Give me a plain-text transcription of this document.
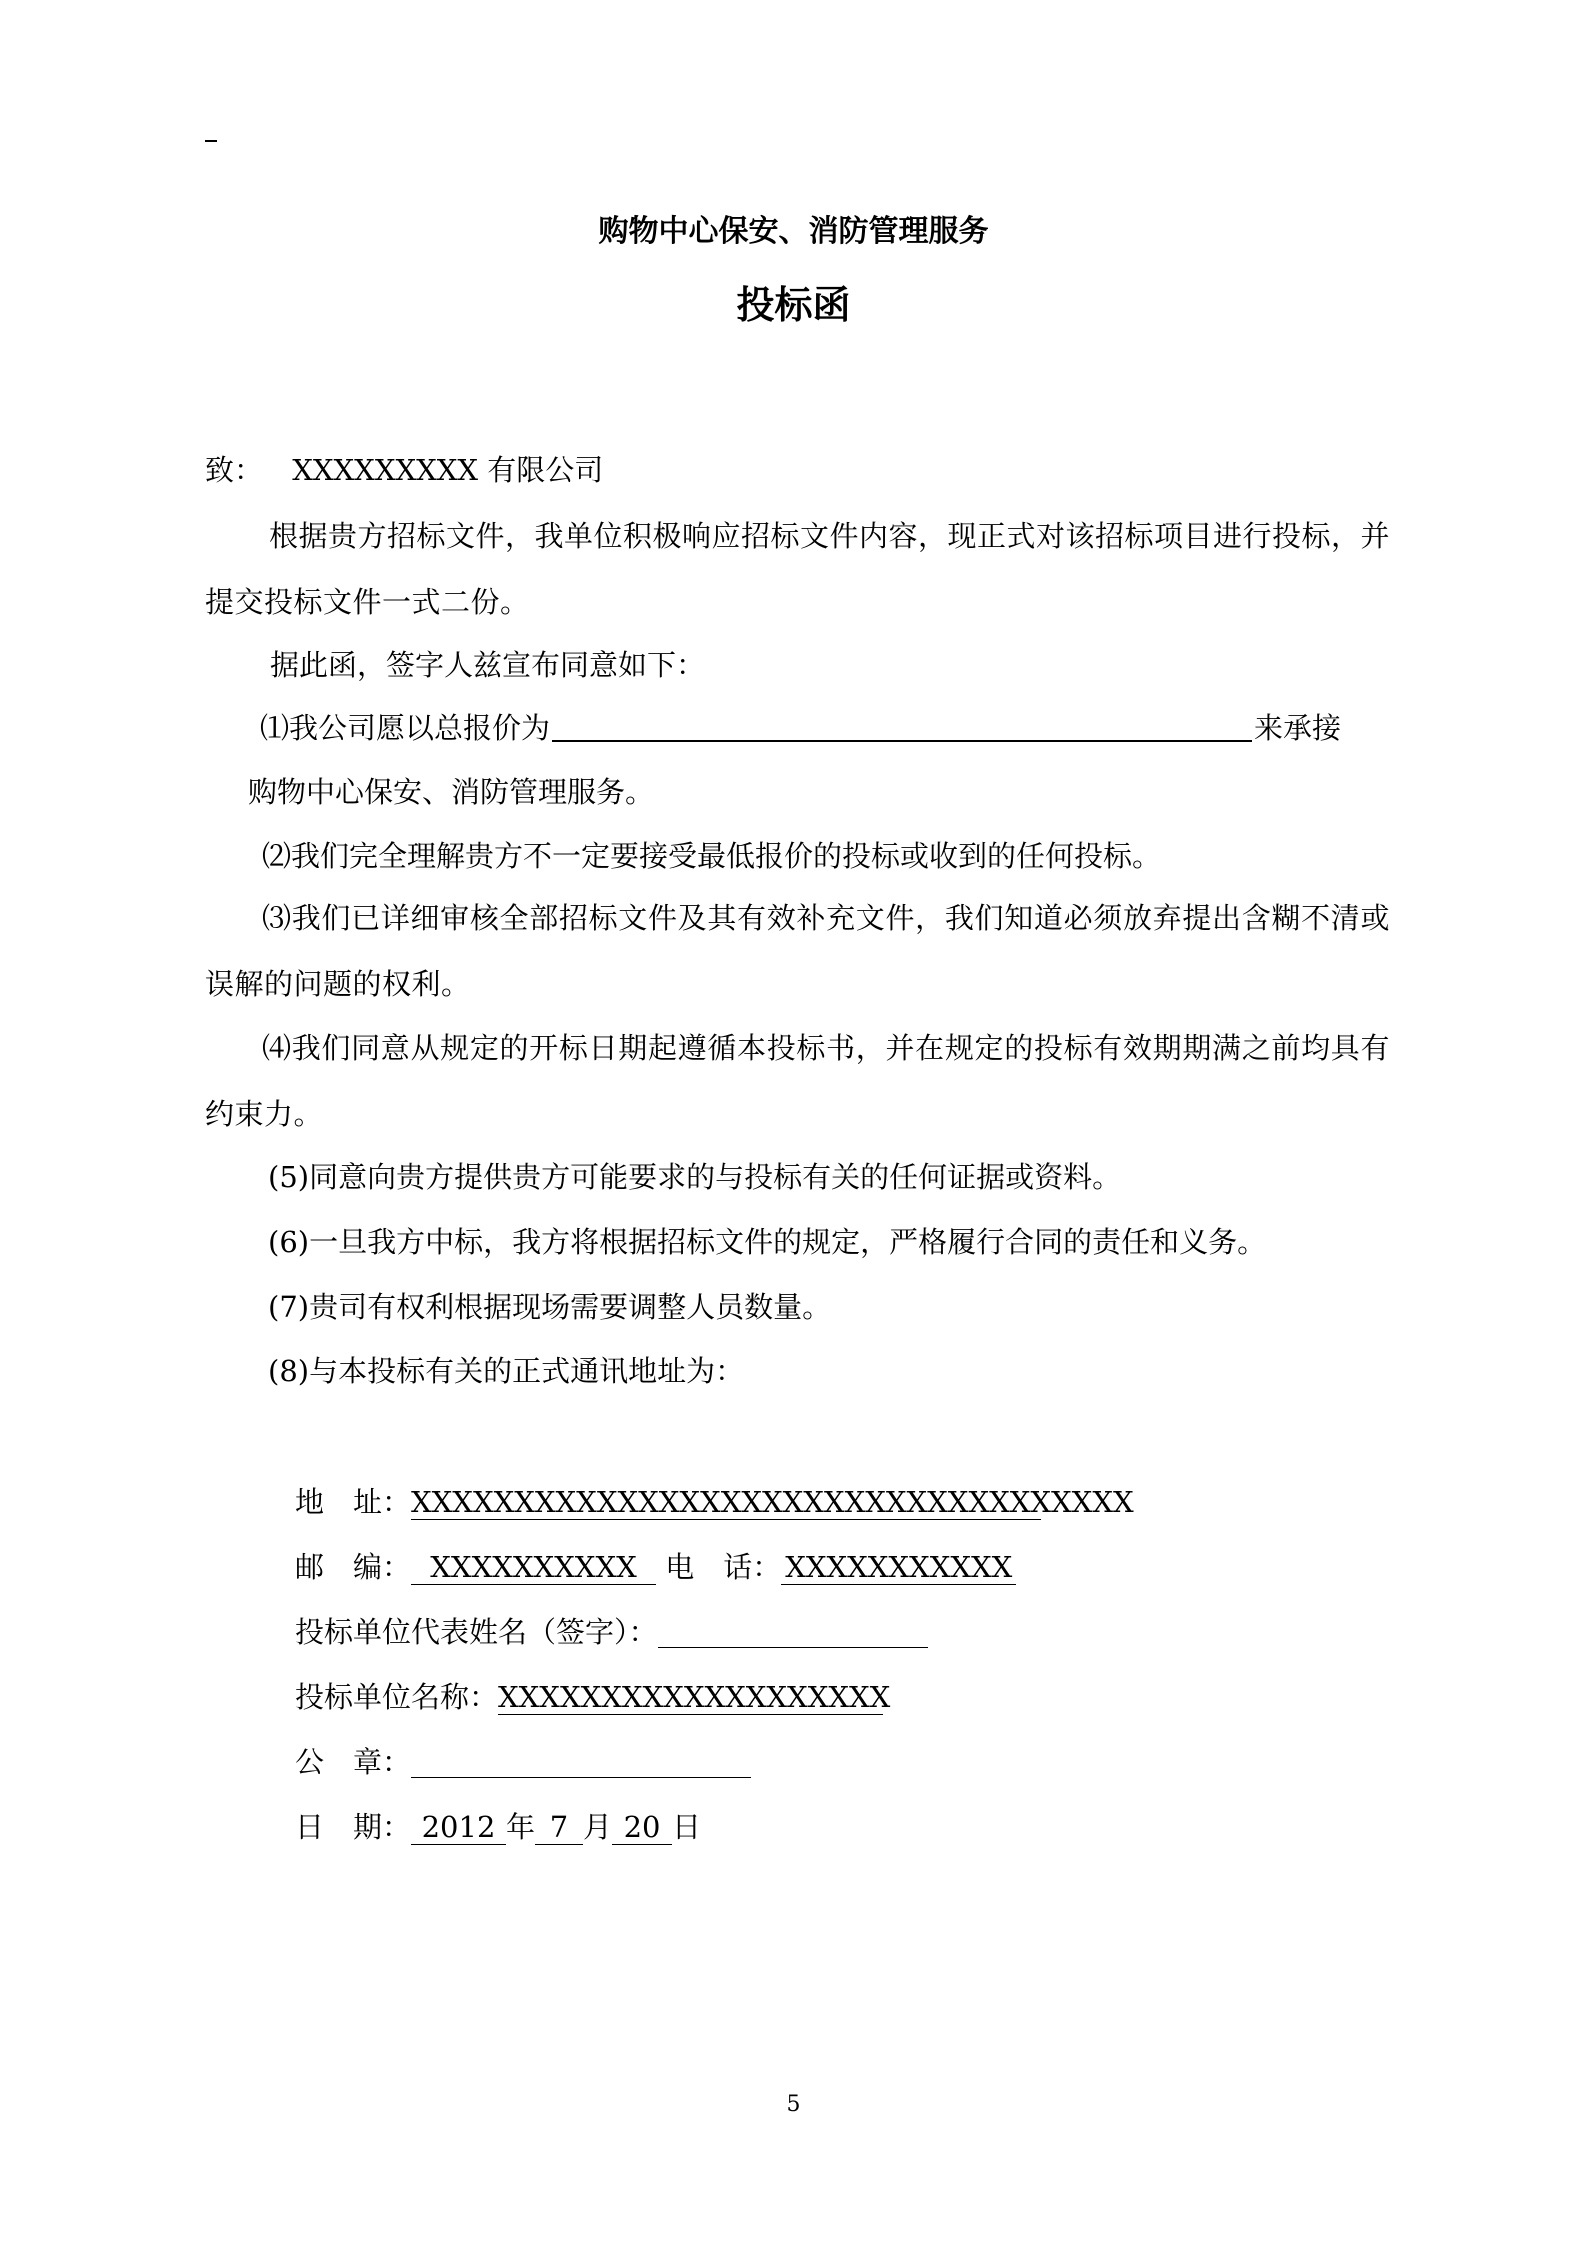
购物中心保安、消防管理服务
投标函
致： XXXXXXXXX 有限公司
根据贵方招标文件，我单位积极响应招标文件内容，现正式对该招标项目进行投标，并提交投标文件一式二份。
据此函，签字人兹宣布同意如下：
⑴我公司愿以总报价为	来承接
购物中心保安、消防管理服务。
⑵我们完全理解贵方不一定要接受最低报价的投标或收到的任何投标。
⑶我们已详细审核全部招标文件及其有效补充文件，我们知道必须放弃提出含糊不清或误解的问题的权利。
⑷我们同意从规定的开标日期起遵循本投标书，并在规定的投标有效期期满之前均具有约束力。
(5)同意向贵方提供贵方可能要求的与投标有关的任何证据或资料。
(6)一旦我方中标，我方将根据招标文件的规定，严格履行合同的责任和义务。
(7)贵司有权利根据现场需要调整人员数量。
(8)与本投标有关的正式通讯地址为：
地　址：XXXXXXXXXXXXXXXXXXXXXXXXXXXXXXXXXXX
邮　编： XXXXXXXXXX 电　话： XXXXXXXXXXX
投标单位代表姓名（签字）：
投标单位名称：XXXXXXXXXXXXXXXXXXX
公　章：
日　期： 2012 年 7 月 20 日
5
